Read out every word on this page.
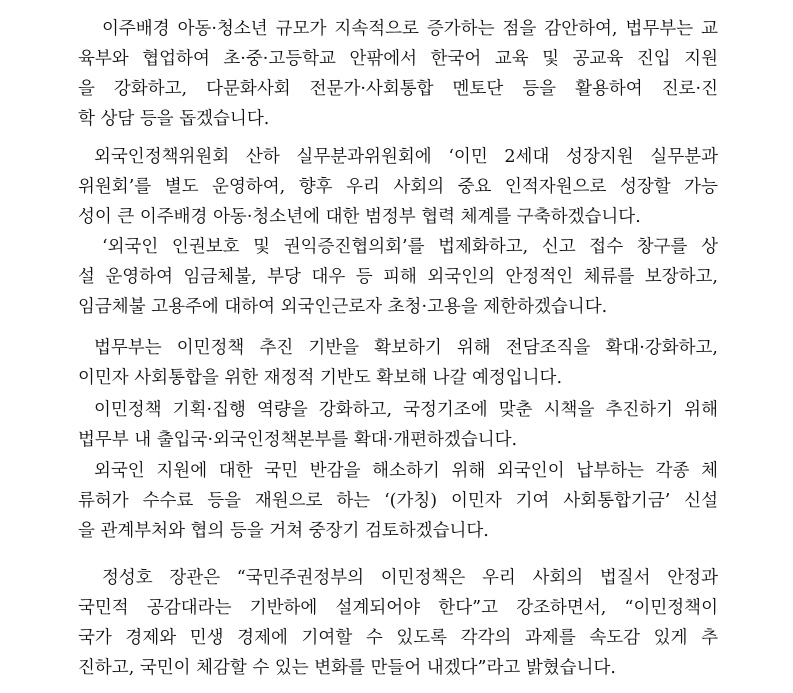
이주배경 아동·청소년 규모가 지속적으로 증가하는 점을 감안하여, 법무부는 교
육부와 협업하여 초·중·고등학교 안팎에서 한국어 교육 및 공교육 진입 지원
을 강화하고, 다문화사회 전문가·사회통합 멘토단 등을 활용하여 진로·진
학 상담 등을 돕겠습니다.
외국인정책위원회 산하 실무분과위원회에 ‘이민 2세대 성장지원 실무분과
위원회’를 별도 운영하여, 향후 우리 사회의 중요 인적자원으로 성장할 가능
성이 큰 이주배경 아동·청소년에 대한 범정부 협력 체계를 구축하겠습니다.
‘외국인 인권보호 및 권익증진협의회’를 법제화하고, 신고 접수 창구를 상
설 운영하여 임금체불, 부당 대우 등 피해 외국인의 안정적인 체류를 보장하고,
임금체불 고용주에 대하여 외국인근로자 초청·고용을 제한하겠습니다.
법무부는 이민정책 추진 기반을 확보하기 위해 전담조직을 확대·강화하고,
이민자 사회통합을 위한 재정적 기반도 확보해 나갈 예정입니다.
이민정책 기획·집행 역량을 강화하고, 국정기조에 맞춘 시책을 추진하기 위해
법무부 내 출입국·외국인정책본부를 확대·개편하겠습니다.
외국인 지원에 대한 국민 반감을 해소하기 위해 외국인이 납부하는 각종 체
류허가 수수료 등을 재원으로 하는 ‘(가칭) 이민자 기여 사회통합기금’ 신설
을 관계부처와 협의 등을 거쳐 중장기 검토하겠습니다.
정성호 장관은 “국민주권정부의 이민정책은 우리 사회의 법질서 안정과
국민적 공감대라는 기반하에 설계되어야 한다”고 강조하면서, “이민정책이
국가 경제와 민생 경제에 기여할 수 있도록 각각의 과제를 속도감 있게 추
진하고, 국민이 체감할 수 있는 변화를 만들어 내겠다”라고 밝혔습니다.
